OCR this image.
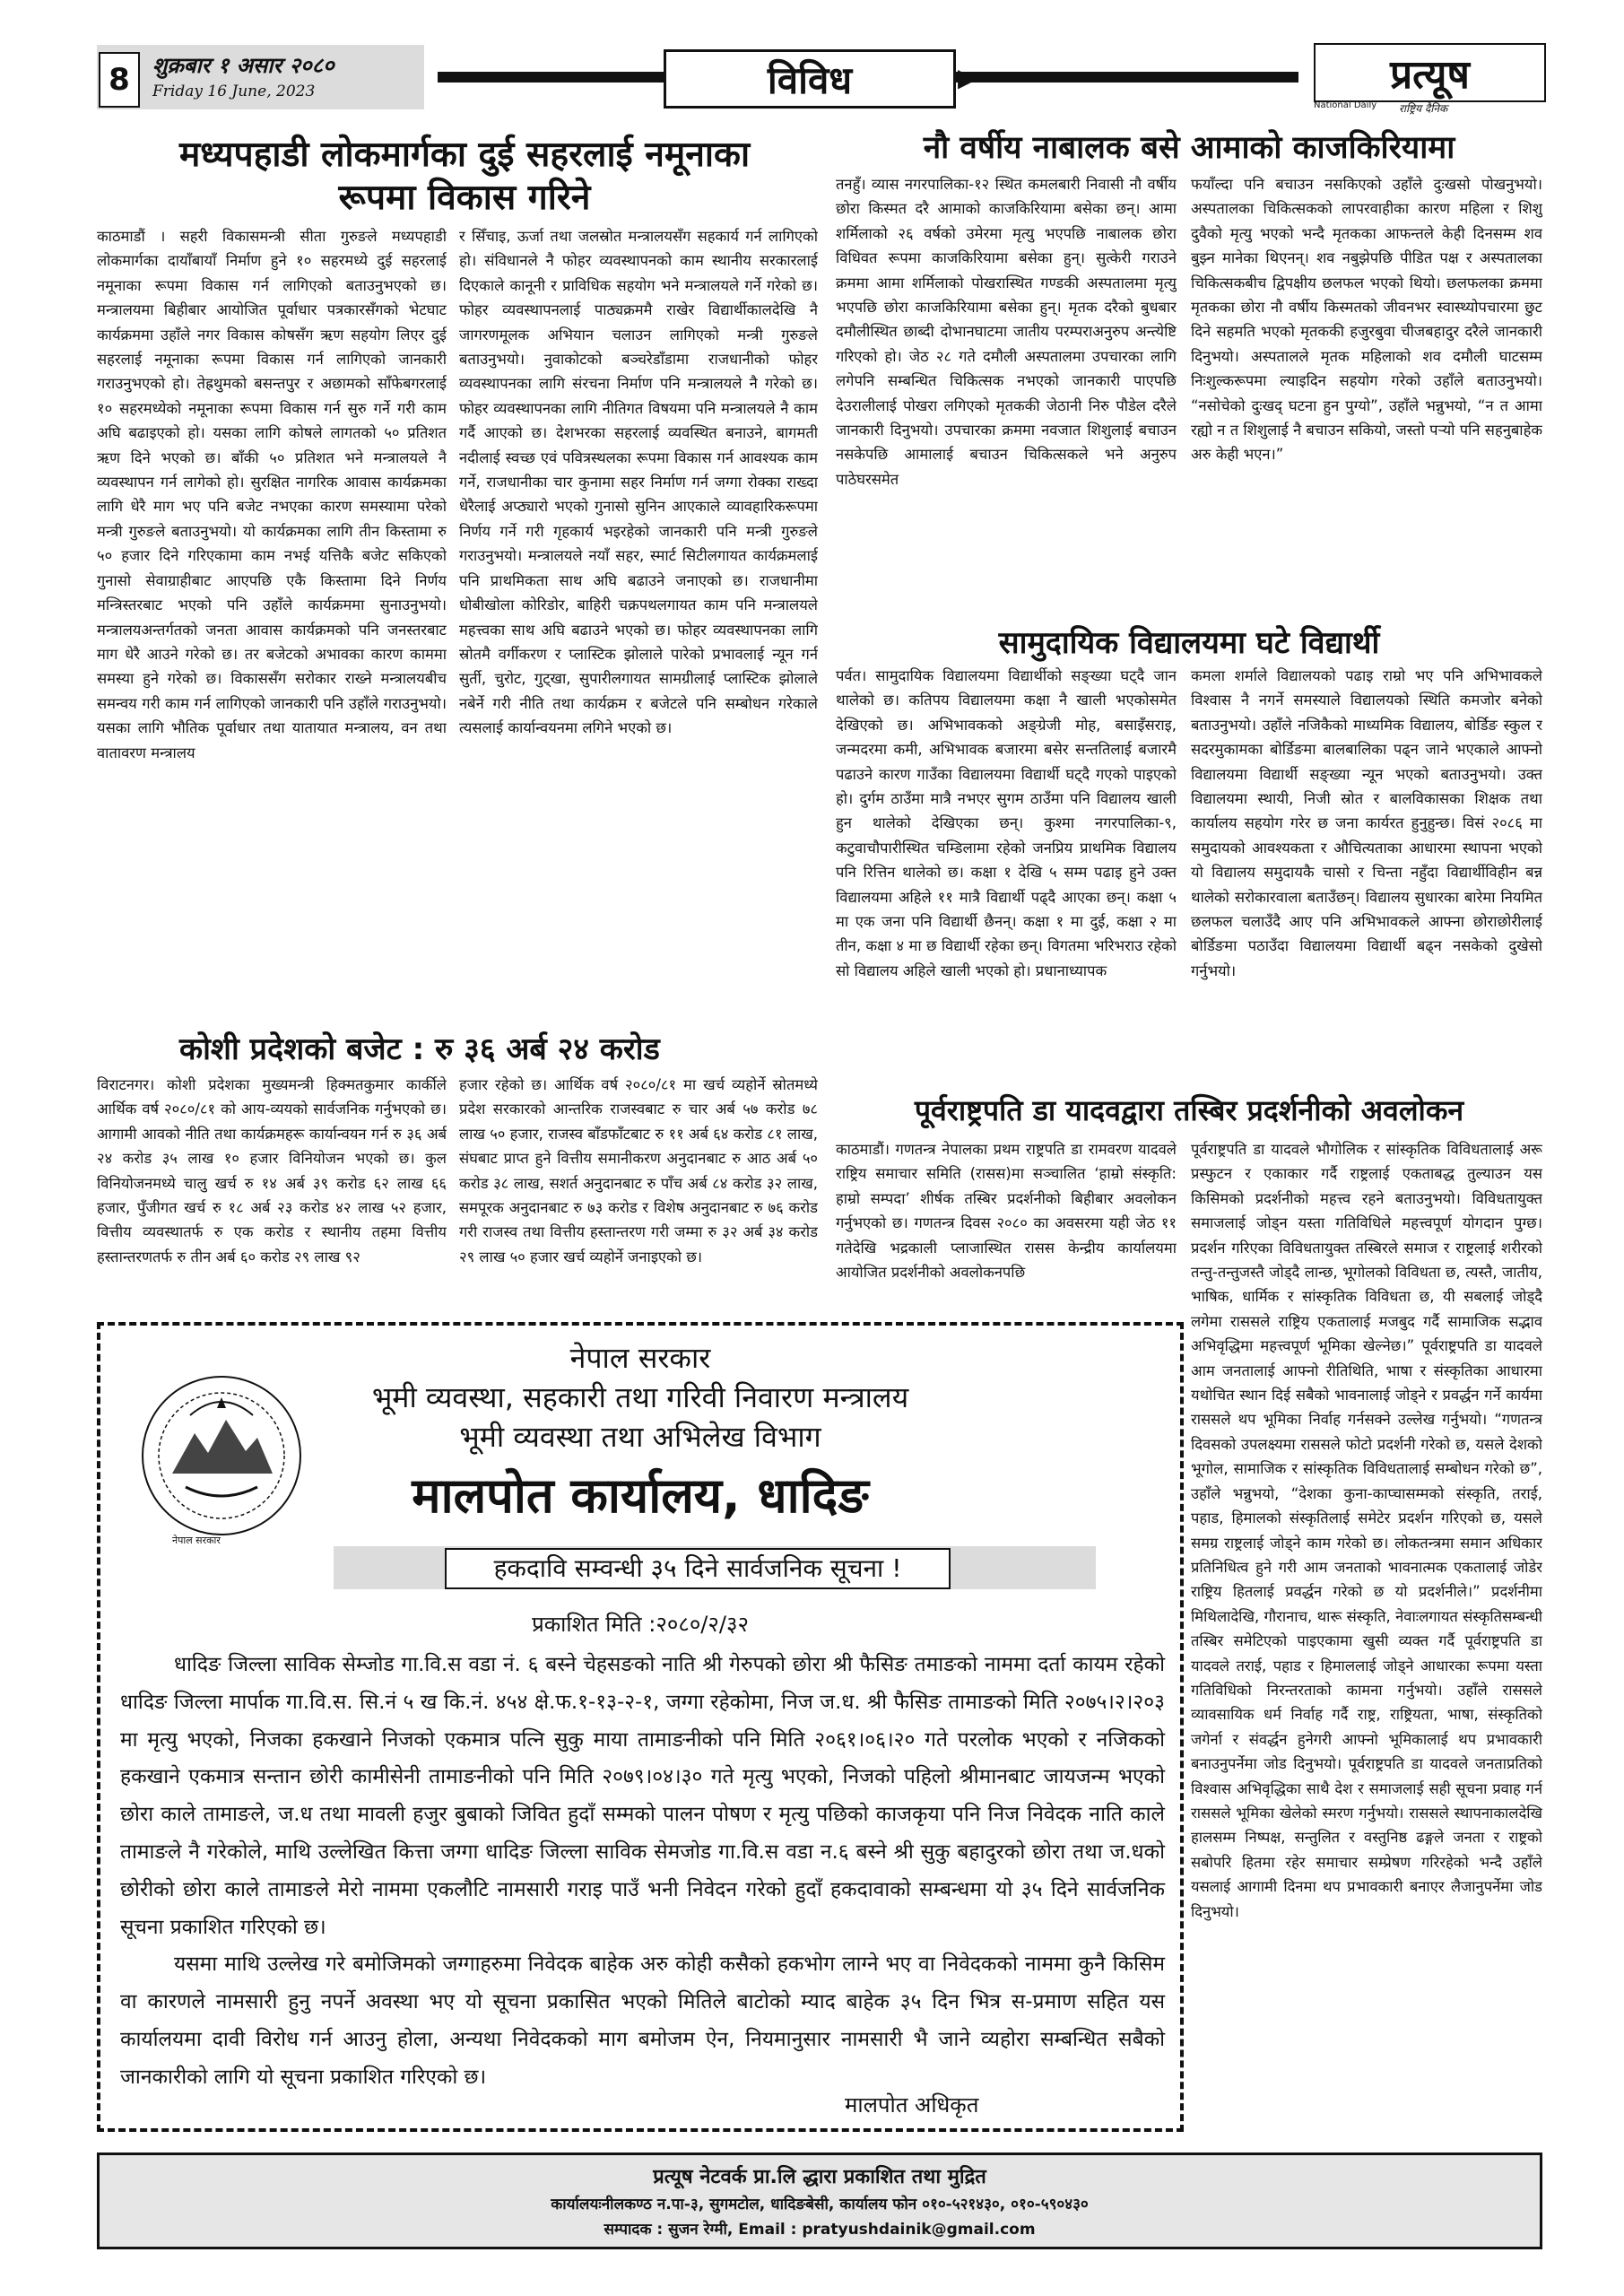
8	शुक्रबार १ असार २०८०
Friday 16 June, 2023	विविध	▶	प्रत्यूष
National Daily राष्ट्रिय दैनिक
मध्यपहाडी लोकमार्गका दुई सहरलाई नमूनाका
रूपमा विकास गरिने

काठमाडौं । सहरी विकासमन्त्री सीता गुरुङले मध्यपहाडी लोकमार्गका दायाँबायाँ निर्माण हुने १० सहरमध्ये दुई सहरलाई नमूनाका रूपमा विकास गर्न लागिएको बताउनुभएको छ। मन्त्रालयमा बिहीबार आयोजित पूर्वाधार पत्रकारसँगको भेटघाट कार्यक्रममा उहाँले नगर विकास कोषसँग ऋण सहयोग लिएर दुई सहरलाई नमूनाका रूपमा विकास गर्न लागिएको जानकारी गराउनुभएको हो। तेह्रथुमको बसन्तपुर र अछामको साँफेबगरलाई १० सहरमध्येको नमूनाका रूपमा विकास गर्न सुरु गर्ने गरी काम अघि बढाइएको हो। यसका लागि कोषले लागतको ५० प्रतिशत ऋण दिने भएको छ। बाँकी ५० प्रतिशत भने मन्त्रालयले नै व्यवस्थापन गर्न लागेको हो। सुरक्षित नागरिक आवास कार्यक्रमका लागि धेरै माग भए पनि बजेट नभएका कारण समस्यामा परेको मन्त्री गुरुङले बताउनुभयो। यो कार्यक्रमका लागि तीन किस्तामा रु ५० हजार दिने गरिएकामा काम नभई यत्तिकै बजेट सकिएको गुनासो सेवाग्राहीबाट आएपछि एकै किस्तामा दिने निर्णय मन्त्रिस्तरबाट भएको पनि उहाँले कार्यक्रममा सुनाउनुभयो। मन्त्रालयअन्तर्गतको जनता आवास कार्यक्रमको पनि जनस्तरबाट माग धेरै आउने गरेको छ। तर बजेटको अभावका कारण काममा समस्या हुने गरेको छ। विकाससँग सरोकार राख्ने मन्त्रालयबीच समन्वय गरी काम गर्न लागिएको जानकारी पनि उहाँले गराउनुभयो। यसका लागि भौतिक पूर्वाधार तथा यातायात मन्त्रालय, वन तथा वातावरण मन्त्रालय

र सिँचाइ, ऊर्जा तथा जलस्रोत मन्त्रालयसँग सहकार्य गर्न लागिएको हो। संविधानले नै फोहर व्यवस्थापनको काम स्थानीय सरकारलाई दिएकाले कानूनी र प्राविधिक सहयोग भने मन्त्रालयले गर्ने गरेको छ। फोहर व्यवस्थापनलाई पाठ्यक्रममै राखेर विद्यार्थीकालदेखि नै जागरणमूलक अभियान चलाउन लागिएको मन्त्री गुरुङले बताउनुभयो। नुवाकोटको बञ्चरेडाँडामा राजधानीको फोहर व्यवस्थापनका लागि संरचना निर्माण पनि मन्त्रालयले नै गरेको छ। फोहर व्यवस्थापनका लागि नीतिगत विषयमा पनि मन्त्रालयले नै काम गर्दै आएको छ। देशभरका सहरलाई व्यवस्थित बनाउने, बागमती नदीलाई स्वच्छ एवं पवित्रस्थलका रूपमा विकास गर्न आवश्यक काम गर्ने, राजधानीका चार कुनामा सहर निर्माण गर्न जग्गा रोक्का राख्दा धेरैलाई अप्ठ्यारो भएको गुनासो सुनिन आएकाले व्यावहारिकरूपमा निर्णय गर्ने गरी गृहकार्य भइरहेको जानकारी पनि मन्त्री गुरुङले गराउनुभयो। मन्त्रालयले नयाँ सहर, स्मार्ट सिटीलगायत कार्यक्रमलाई पनि प्राथमिकता साथ अघि बढाउने जनाएको छ। राजधानीमा धोबीखोला कोरिडोर, बाहिरी चक्रपथलगायत काम पनि मन्त्रालयले महत्त्वका साथ अघि बढाउने भएको छ। फोहर व्यवस्थापनका लागि स्रोतमै वर्गीकरण र प्लास्टिक झोलाले पारेको प्रभावलाई न्यून गर्न सुर्ती, चुरोट, गुट्खा, सुपारीलगायत सामग्रीलाई प्लास्टिक झोलाले नबेर्ने गरी नीति तथा कार्यक्रम र बजेटले पनि सम्बोधन गरेकाले त्यसलाई कार्यान्वयनमा लगिने भएको छ।

कोशी प्रदेशको बजेट : रु ३६ अर्ब २४ करोड

विराटनगर। कोशी प्रदेशका मुख्यमन्त्री हिक्मतकुमार कार्कीले आर्थिक वर्ष २०८०/८१ को आय-व्ययको सार्वजनिक गर्नुभएको छ। आगामी आवको नीति तथा कार्यक्रमहरू कार्यान्वयन गर्न रु ३६ अर्ब २४ करोड ३५ लाख १० हजार विनियोजन भएको छ। कुल विनियोजनमध्ये चालु खर्च रु १४ अर्ब ३९ करोड ६२ लाख ६६ हजार, पुँजीगत खर्च रु १८ अर्ब २३ करोड ४२ लाख ५२ हजार, वित्तीय व्यवस्थातर्फ रु एक करोड र स्थानीय तहमा वित्तीय हस्तान्तरणतर्फ रु तीन अर्ब ६० करोड २९ लाख ९२

हजार रहेको छ। आर्थिक वर्ष २०८०/८१ मा खर्च व्यहोर्ने स्रोतमध्ये प्रदेश सरकारको आन्तरिक राजस्वबाट रु चार अर्ब ५७ करोड ७८ लाख ५० हजार, राजस्व बाँडफाँटबाट रु ११ अर्ब ६४ करोड ८१ लाख, संघबाट प्राप्त हुने वित्तीय समानीकरण अनुदानबाट रु आठ अर्ब ५० करोड ३८ लाख, सशर्त अनुदानबाट रु पाँच अर्ब ८४ करोड ३२ लाख, समपूरक अनुदानबाट रु ७३ करोड र विशेष अनुदानबाट रु ७६ करोड गरी राजस्व तथा वित्तीय हस्तान्तरण गरी जम्मा रु ३२ अर्ब ३४ करोड २९ लाख ५० हजार खर्च व्यहोर्ने जनाइएको छ।

नौ वर्षीय नाबालक बसे आमाको काजकिरियामा

तनहुँ। व्यास नगरपालिका-१२ स्थित कमलबारी निवासी नौ वर्षीय छोरा किस्मत दरै आमाको काजकिरियामा बसेका छन्। आमा शर्मिलाको २६ वर्षको उमेरमा मृत्यु भएपछि नाबालक छोरा विधिवत रूपमा काजकिरियामा बसेका हुन्। सुत्केरी गराउने क्रममा आमा शर्मिलाको पोखरास्थित गण्डकी अस्पतालमा मृत्यु भएपछि छोरा काजकिरियामा बसेका हुन्। मृतक दरैको बुधबार दमौलीस्थित छाब्दी दोभानघाटमा जातीय परम्पराअनुरुप अन्त्येष्टि गरिएको हो। जेठ २८ गते दमौली अस्पतालमा उपचारका लागि लगेपनि सम्बन्धित चिकित्सक नभएको जानकारी पाएपछि देउरालीलाई पोखरा लगिएको मृतककी जेठानी निरु पौडेल दरैले जानकारी दिनुभयो। उपचारका क्रममा नवजात शिशुलाई बचाउन नसकेपछि आमालाई बचाउन चिकित्सकले भने अनुरुप पाठेघरसमेत

फयाँल्दा पनि बचाउन नसकिएको उहाँले दुःखसो पोखनुभयो। अस्पतालका चिकित्सकको लापरवाहीका कारण महिला र शिशु दुवैको मृत्यु भएको भन्दै मृतकका आफन्तले केही दिनसम्म शव बुझ्न मानेका थिएनन्। शव नबुझेपछि पीडित पक्ष र अस्पतालका चिकित्सकबीच द्विपक्षीय छलफल भएको थियो। छलफलका क्रममा मृतकका छोरा नौ वर्षीय किस्मतको जीवनभर स्वास्थ्योपचारमा छुट दिने सहमति भएको मृतककी हजुरबुवा चीजबहादुर दरैले जानकारी दिनुभयो। अस्पतालले मृतक महिलाको शव दमौली घाटसम्म निःशुल्करूपमा ल्याइदिन सहयोग गरेको उहाँले बताउनुभयो। “नसोचेको दुःखद् घटना हुन पुग्यो”, उहाँले भन्नुभयो, “न त आमा रह्यो न त शिशुलाई नै बचाउन सकियो, जस्तो पर्‍यो पनि सहनुबाहेक अरु केही भएन।”

सामुदायिक विद्यालयमा घटे विद्यार्थी

पर्वत। सामुदायिक विद्यालयमा विद्यार्थीको सङ्ख्या घट्दै जान थालेको छ। कतिपय विद्यालयमा कक्षा नै खाली भएकोसमेत देखिएको छ। अभिभावकको अङ्ग्रेजी मोह, बसाइँसराइ, जन्मदरमा कमी, अभिभावक बजारमा बसेर सन्ततिलाई बजारमै पढाउने कारण गाउँका विद्यालयमा विद्यार्थी घट्दै गएको पाइएको हो। दुर्गम ठाउँमा मात्रै नभएर सुगम ठाउँमा पनि विद्यालय खाली हुन थालेको देखिएका छन्। कुश्मा नगरपालिका-९, कटुवाचौपारीस्थित चम्डिलामा रहेको जनप्रिय प्राथमिक विद्यालय पनि रित्तिन थालेको छ। कक्षा १ देखि ५ सम्म पढाइ हुने उक्त विद्यालयमा अहिले ११ मात्रै विद्यार्थी पढ्दै आएका छन्। कक्षा ५ मा एक जना पनि विद्यार्थी छैनन्। कक्षा १ मा दुई, कक्षा २ मा तीन, कक्षा ४ मा छ विद्यार्थी रहेका छन्। विगतमा भरिभराउ रहेको सो विद्यालय अहिले खाली भएको हो। प्रधानाध्यापक

कमला शर्माले विद्यालयको पढाइ राम्रो भए पनि अभिभावकले विश्वास नै नगर्ने समस्याले विद्यालयको स्थिति कमजोर बनेको बताउनुभयो। उहाँले नजिकैको माध्यमिक विद्यालय, बोर्डिङ स्कुल र सदरमुकामका बोर्डिङमा बालबालिका पढ्न जाने भएकाले आफ्नो विद्यालयमा विद्यार्थी सङ्ख्या न्यून भएको बताउनुभयो। उक्त विद्यालयमा स्थायी, निजी स्रोत र बालविकासका शिक्षक तथा कार्यालय सहयोग गरेर छ जना कार्यरत हुनुहुन्छ। विसं २०८६ मा समुदायको आवश्यकता र औचित्यताका आधारमा स्थापना भएको यो विद्यालय समुदायकै चासो र चिन्ता नहुँदा विद्यार्थीविहीन बन्न थालेको सरोकारवाला बताउँछन्। विद्यालय सुधारका बारेमा नियमित छलफल चलाउँदै आए पनि अभिभावकले आफ्ना छोराछोरीलाई बोर्डिङमा पठाउँदा विद्यालयमा विद्यार्थी बढ्न नसकेको दुखेसो गर्नुभयो।

पूर्वराष्ट्रपति डा यादवद्वारा तस्बिर प्रदर्शनीको अवलोकन

काठमाडौं। गणतन्त्र नेपालका प्रथम राष्ट्रपति डा रामवरण यादवले राष्ट्रिय समाचार समिति (रासस)मा सञ्चालित ‘हाम्रो संस्कृति: हाम्रो सम्पदा’ शीर्षक तस्बिर प्रदर्शनीको बिहीबार अवलोकन गर्नुभएको छ। गणतन्त्र दिवस २०८० का अवसरमा यही जेठ ११ गतेदेखि भद्रकाली प्लाजास्थित रासस केन्द्रीय कार्यालयमा आयोजित प्रदर्शनीको अवलोकनपछि

पूर्वराष्ट्रपति डा यादवले भौगोलिक र सांस्कृतिक विविधतालाई अरू प्रस्फुटन र एकाकार गर्दै राष्ट्रलाई एकताबद्ध तुल्याउन यस किसिमको प्रदर्शनीको महत्त्व रहने बताउनुभयो। विविधतायुक्त समाजलाई जोड्न यस्ता गतिविधिले महत्त्वपूर्ण योगदान पुग्छ। प्रदर्शन गरिएका विविधतायुक्त तस्बिरले समाज र राष्ट्रलाई शरीरको तन्तु-तन्तुजस्तै जोड्दै लान्छ, भूगोलको विविधता छ, त्यस्तै, जातीय, भाषिक, धार्मिक र सांस्कृतिक विविधता छ, यी सबलाई जोड्दै लगेमा राससले राष्ट्रिय एकतालाई मजबुद गर्दै सामाजिक सद्भाव अभिवृद्धिमा महत्त्वपूर्ण भूमिका खेल्नेछ।” पूर्वराष्ट्रपति डा यादवले आम जनतालाई आफ्नो रीतिथिति, भाषा र संस्कृतिका आधारमा यथोचित स्थान दिई सबैको भावनालाई जोड्ने र प्रवर्द्धन गर्ने कार्यमा राससले थप भूमिका निर्वाह गर्नसक्ने उल्लेख गर्नुभयो। “गणतन्त्र दिवसको उपलक्ष्यमा राससले फोटो प्रदर्शनी गरेको छ, यसले देशको भूगोल, सामाजिक र सांस्कृतिक विविधतालाई सम्बोधन गरेको छ”, उहाँले भन्नुभयो, “देशका कुना-काप्चासम्मको संस्कृति, तराई, पहाड, हिमालको संस्कृतिलाई समेटेर प्रदर्शन गरिएको छ, यसले समग्र राष्ट्रलाई जोड्ने काम गरेको छ। लोकतन्त्रमा समान अधिकार प्रतिनिधित्व हुने गरी आम जनताको भावनात्मक एकतालाई जोडेर राष्ट्रिय हितलाई प्रवर्द्धन गरेको छ यो प्रदर्शनीले।” प्रदर्शनीमा मिथिलादेखि, गौरानाच, थारू संस्कृति, नेवाःलगायत संस्कृतिसम्बन्धी तस्बिर समेटिएको पाइएकामा खुसी व्यक्त गर्दै पूर्वराष्ट्रपति डा यादवले तराई, पहाड र हिमाललाई जोड्ने आधारका रूपमा यस्ता गतिविधिको निरन्तरताको कामना गर्नुभयो। उहाँले राससले व्यावसायिक धर्म निर्वाह गर्दै राष्ट्र, राष्ट्रियता, भाषा, संस्कृतिको जगेर्ना र संवर्द्धन हुनेगरी आफ्नो भूमिकालाई थप प्रभावकारी बनाउनुपर्नेमा जोड दिनुभयो। पूर्वराष्ट्रपति डा यादवले जनताप्रतिको विश्वास अभिवृद्धिका साथै देश र समाजलाई सही सूचना प्रवाह गर्न राससले भूमिका खेलेको स्मरण गर्नुभयो। राससले स्थापनाकालदेखि हालसम्म निष्पक्ष, सन्तुलित र वस्तुनिष्ठ ढङ्गले जनता र राष्ट्रको सबोपरि हितमा रहेर समाचार सम्प्रेषण गरिरहेको भन्दै उहाँले यसलाई आगामी दिनमा थप प्रभावकारी बनाएर लैजानुपर्नेमा जोड दिनुभयो।

नेपाल सरकार
नेपाल सरकार
भूमी व्यवस्था, सहकारी तथा गरिवी निवारण मन्त्रालय
भूमी व्यवस्था तथा अभिलेख विभाग
मालपोत कार्यालय, धादिङ
हकदावि सम्वन्धी ३५ दिने सार्वजनिक सूचना !
प्रकाशित मिति :२०८०/२/३२

धादिङ जिल्ला साविक सेम्जोड गा.वि.स वडा नं. ६ बस्ने चेहसङको नाति श्री गेरुपको छोरा श्री फैसिङ तमाङको नाममा दर्ता कायम रहेको धादिङ जिल्ला मार्पाक गा.वि.स. सि.नं ५ ख कि.नं. ४५४ क्षे.फ.१-१३-२-१, जग्गा रहेकोमा, निज ज.ध. श्री फैसिङ तामाङको मिति २०७५।२।२०३ मा मृत्यु भएको, निजका हकखाने निजको एकमात्र पत्नि सुकु माया तामाङनीको पनि मिति २०६१।०६।२० गते परलोक भएको र नजिकको हकखाने एकमात्र सन्तान छोरी कामीसेनी तामाङनीको पनि मिति २०७९।०४।३० गते मृत्यु भएको, निजको पहिलो श्रीमानबाट जायजन्म भएको छोरा काले तामाङले, ज.ध तथा मावली हजुर बुबाको जिवित हुदाँ सम्मको पालन पोषण र मृत्यु पछिको काजकृया पनि निज निवेदक नाति काले तामाङले नै गरेकोले, माथि उल्लेखित कित्ता जग्गा धादिङ जिल्ला साविक सेमजोड गा.वि.स वडा न.६ बस्ने श्री सुकु बहादुरको छोरा तथा ज.धको छोरीको छोरा काले तामाङले मेरो नाममा एकलौटि नामसारी गराइ पाउँ भनी निवेदन गरेको हुदाँ हकदावाको सम्बन्धमा यो ३५ दिने सार्वजनिक सूचना प्रकाशित गरिएको छ।

यसमा माथि उल्लेख गरे बमोजिमको जग्गाहरुमा निवेदक बाहेक अरु कोही कसैको हकभोग लाग्ने भए वा निवेदकको नाममा कुनै किसिम वा कारणले नामसारी हुनु नपर्ने अवस्था भए यो सूचना प्रकासित भएको मितिले बाटोको म्याद बाहेक ३५ दिन भित्र स-प्रमाण सहित यस कार्यालयमा दावी विरोध गर्न आउनु होला, अन्यथा निवेदकको माग बमोजम ऐन, नियमानुसार नामसारी भै जाने व्यहोरा सम्बन्धित सबैको जानकारीको लागि यो सूचना प्रकाशित गरिएको छ।

मालपोत अधिकृत
प्रत्यूष नेटवर्क प्रा.लि द्धारा प्रकाशित तथा मुद्रित
कार्यालयःनीलकण्ठ न.पा-३, सुगमटोल, धादिङबेसी, कार्यालय फोन ०१०-५२१४३०, ०१०-५९०४३०
सम्पादक : सुजन रेग्मी, Email : pratyushdainik@gmail.com
